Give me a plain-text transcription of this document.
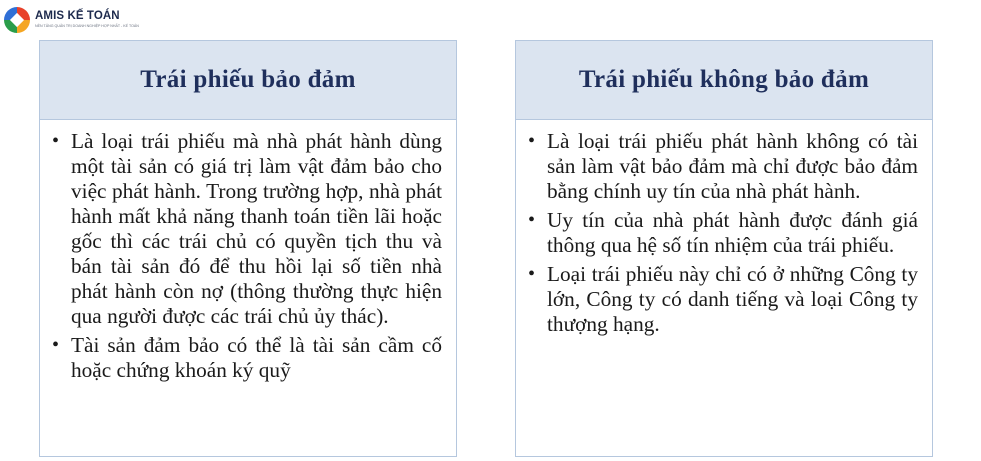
AMIS KẾ TOÁN
NỀN TẢNG QUẢN TRỊ DOANH NGHIỆP HỢP NHẤT - KẾ TOÁN
Trái phiếu bảo đảm
• Là loại trái phiếu mà nhà phát hành dùng một tài sản có giá trị làm vật đảm bảo cho việc phát hành. Trong trường hợp, nhà phát hành mất khả năng thanh toán tiền lãi hoặc gốc thì các trái chủ có quyền tịch thu và bán tài sản đó để thu hồi lại số tiền nhà phát hành còn nợ (thông thường thực hiện qua người được các trái chủ ủy thác).
• Tài sản đảm bảo có thể là tài sản cầm cố hoặc chứng khoán ký quỹ
Trái phiếu không bảo đảm
• Là loại trái phiếu phát hành không có tài sản làm vật bảo đảm mà chỉ được bảo đảm bằng chính uy tín của nhà phát hành.
• Uy tín của nhà phát hành được đánh giá thông qua hệ số tín nhiệm của trái phiếu.
• Loại trái phiếu này chỉ có ở những Công ty lớn, Công ty có danh tiếng và loại Công ty thượng hạng.
